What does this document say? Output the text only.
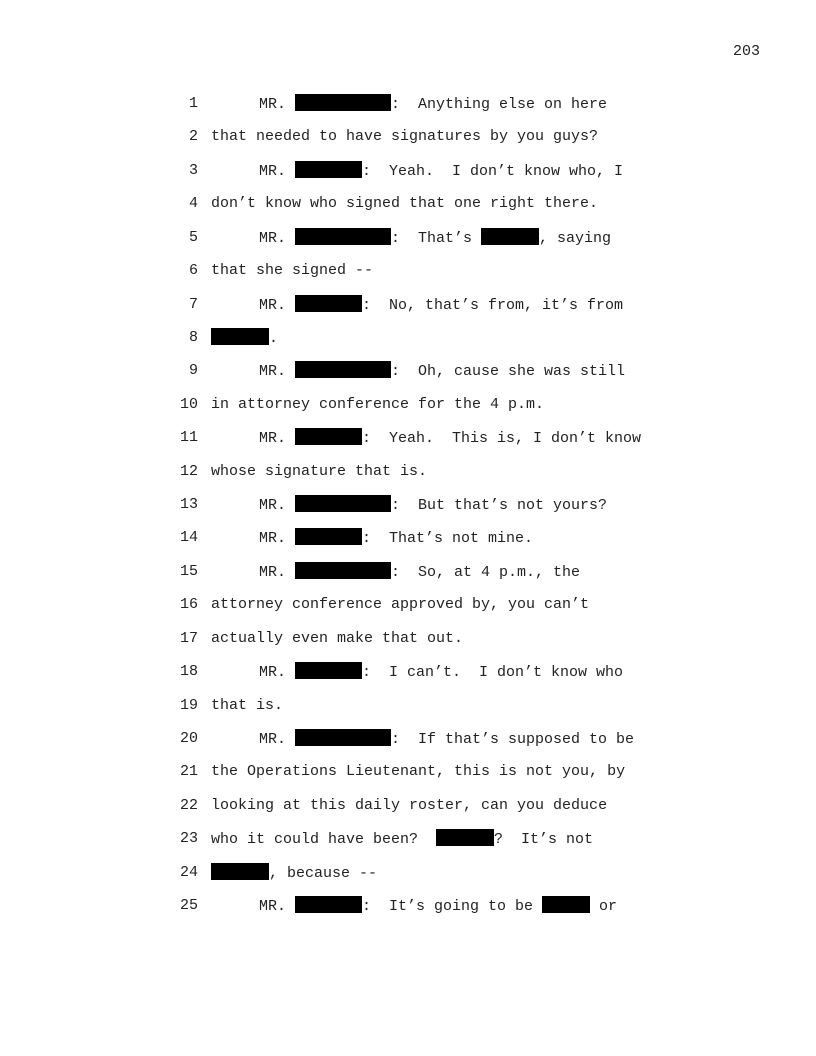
203
1	MR.	:  Anything else on here
2 that needed to have signatures by you guys?
3	MR.	:  Yeah.  I don’t know who, I
4 don’t know who signed that one right there.
5	MR.	:  That’s	, saying
6 that she signed --
7	MR.	:  No, that’s from, it’s from
8	.
9	MR.	:  Oh, cause she was still
10 in attorney conference for the 4 p.m.
11	MR.	:  Yeah.  This is, I don’t know
12 whose signature that is.
13	MR.	:  But that’s not yours?
14	MR.	:  That’s not mine.
15	MR.	:  So, at 4 p.m., the
16 attorney conference approved by, you can’t
17 actually even make that out.
18	MR.	:  I can’t.  I don’t know who
19 that is.
20	MR.	:  If that’s supposed to be
21 the Operations Lieutenant, this is not you, by
22 looking at this daily roster, can you deduce
23 who it could have been?	?  It’s not
24	, because --
25	MR.	:  It’s going to be	or
